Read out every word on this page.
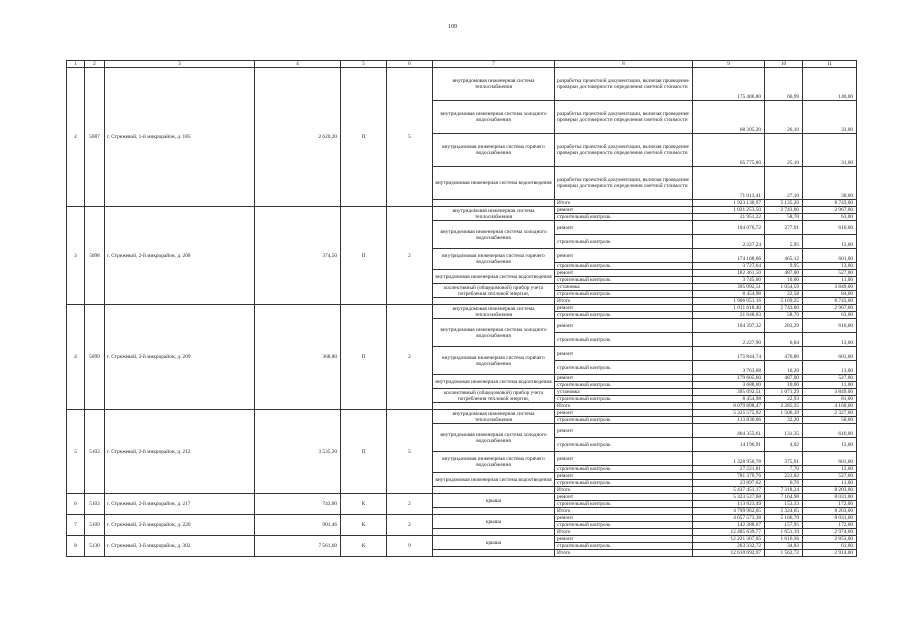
109
1	2	3	4	5	6	7	8	9	10	11
2	5087	г. Стрежевой, 1-й микрорайон, д. 185	2 620,20	П	5	внутридомовая инженерная система теплоснабжения	разработка проектной документации, включая проведение проверки достоверности определения сметной стоимости	175 406,80	66,99	140,00
						внутридомовая инженерная система холодного водоснабжения	разработка проектной документации, включая проведение проверки достоверности определения сметной стоимости	68 395,20	26,10	33,00
						внутридомовая инженерная система горячего водоснабжения	разработка проектной документации, включая проведение проверки достоверности определения сметной стоимости	65 775,00	25,10	31,00
						внутридомовая инженерная система водоотведения	разработка проектной документации, включая проведение проверки достоверности определения сметной стоимости	71 013,41	27,10	30,00
							Итого	1 923 130,97	5 135,20	8 743,00
3	5098	г. Стрежевой, 2-й микрорайон, д. 208	374,50	П	2	внутридомовая инженерная система теплоснабжения	ремонт	1 021 253,50	2 743,00	2 967,00
							строительный контроль	21 951,22	58,70	63,00
						внутридомовая инженерная система холодного водоснабжения	ремонт	104 076,72	277,91	616,00
							строительный контроль	2 227,24	5,95	13,00
						внутридомовая инженерная система горячего водоснабжения	ремонт	174 168,66	465,12	601,00
							строительный контроль	3 727,64	9,95	13,00
						внутридомовая инженерная система водоотведения	ремонт	182 361,50	487,00	527,00
							строительный контроль	3 745,00	10,00	11,00
						коллективный (общедомовой) прибор учета потребления тепловой энергии,	установка	395 092,51	1 054,59	3 849,00
							строительный контроль	8 454,98	22,58	84,00
							Итого	1 906 051,16	5 169,25	8 743,00
4	5099	г. Стрежевой, 2-й микрорайон, д. 209	368,80	П	2	внутридомовая инженерная система теплоснабжения	ремонт	1 011 618,40	2 743,00	2 967,00
							строительный контроль	21 648,63	58,70	63,00
						внутридомовая инженерная система холодного водоснабжения	ремонт	104 397,32	283,29	616,00
							строительный контроль	2 227,90	6,04	13,00
						внутридомовая инженерная система горячего водоснабжения	ремонт	175 844,74	476,80	601,00
							строительный контроль	3 763,08	10,20	13,00
						внутридомовая инженерная система водоотведения	ремонт	179 605,60	487,00	527,00
							строительный контроль	3 688,00	10,00	11,00
						коллективный (общедомовой) прибор учета потребления тепловой энергии,	установка	395 092,51	1 071,29	3 849,00
							строительный контроль	8 454,98	22,93	81,00
							Итого	8 079 898,47	2 285,35	4 160,00
5	5102	г. Стрежевой, 2-й микрорайон, д. 212	3 535,30	П	5	внутридомовая инженерная система теплоснабжения	ремонт	5 325 575,92	1 506,39	2 327,00
							строительный контроль	113 836,66	32,20	50,00
						внутридомовая инженерная система холодного водоснабжения	ремонт	464 355,61	131,35	616,00
							строительный контроль	14 196,91	4,02	13,00
						внутридомовая инженерная система горячего водоснабжения	ремонт	1 328 950,78	375,91	601,00
							строительный контроль	27 221,81	7,70	13,00
						внутридомовая инженерная система водоотведения	ремонт	781 370,76	221,02	527,00
							строительный контроль	23 897,62	6,76	11,00
							Итого	5 437 451,17	7 318,24	8 203,00
6	5103	г. Стрежевой, 2-й микрорайон, д. 217	743,00	К	2	крыша	ремонт	5 323 527,68	7 164,98	8 031,00
							строительный контроль	113 923,49	153,33	172,00
							Итого	4 799 962,05	5 324,65	8 203,00
7	5109	г. Стрежевой, 2-й микрорайон, д. 220	901,46	К	2	крыша	ремонт	4 657 573,38	5 166,70	8 031,00
							строительный контроль	142 388,67	157,95	172,00
							Итого	12 485 639,77	1 651,19	2 974,00
8	5130	г. Стрежевой, 3-й микрорайон, д. 302	7 561,60	К	9	крыша	ремонт	12 221 307,05	1 616,36	2 853,00
							строительный контроль	263 332,72	34,83	61,00
							Итого	12 610 692,97	1 562,72	2 914,00
